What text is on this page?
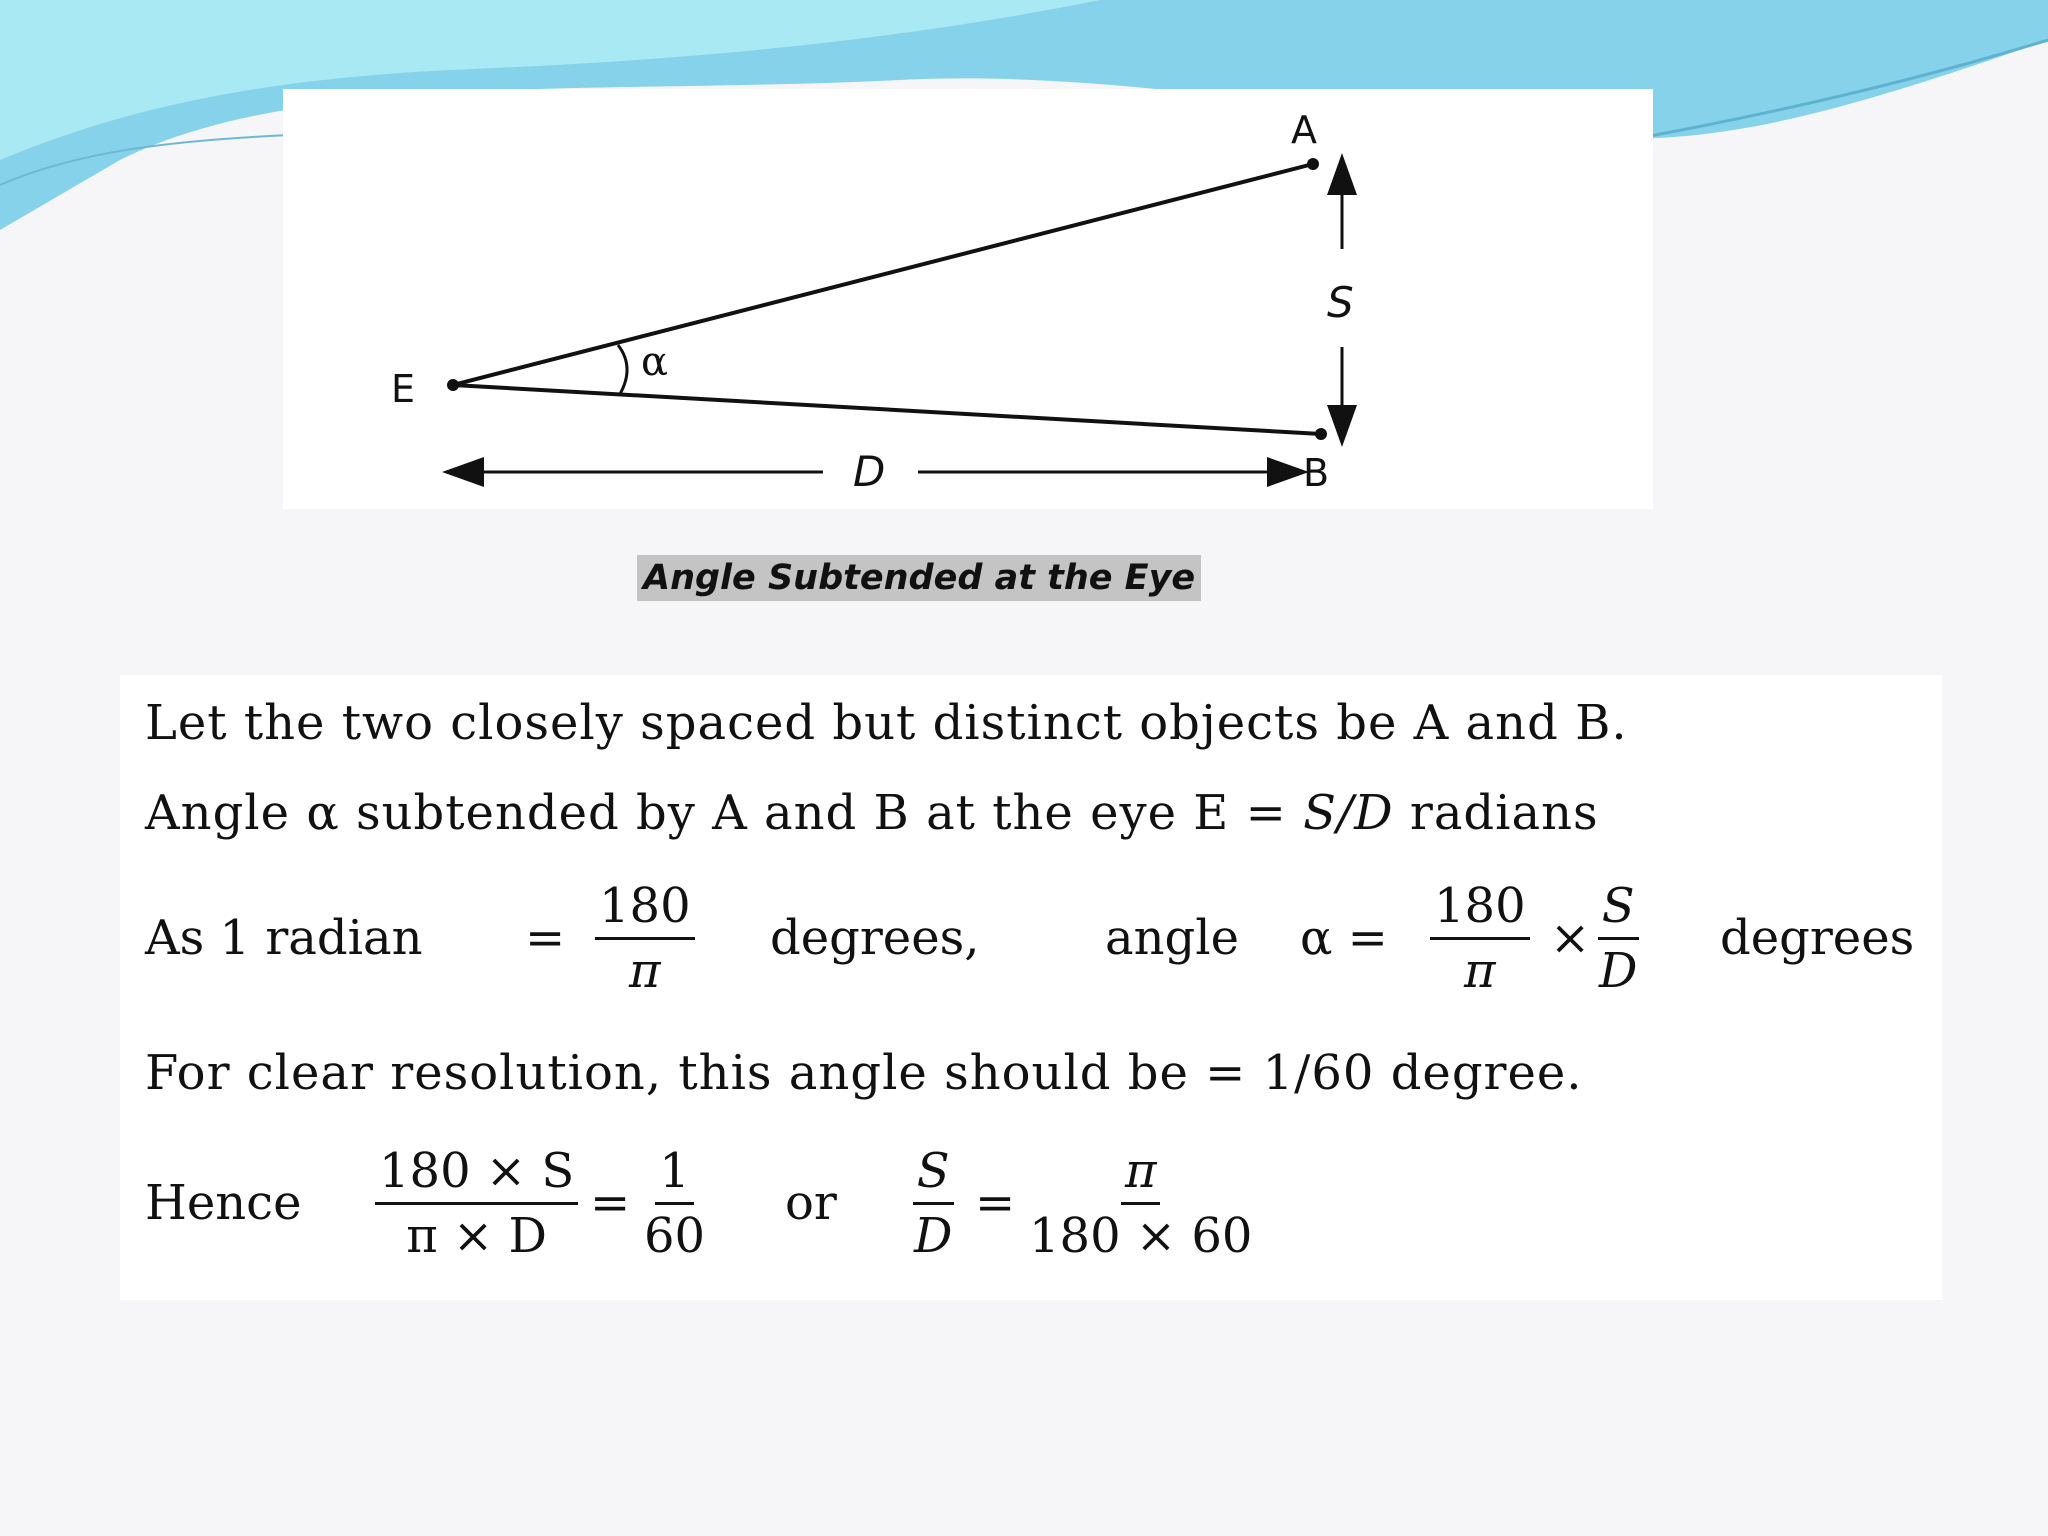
A
B
E
S
D
α
Angle Subtended at the Eye
Let the two closely spaced but distinct objects be A and B.
Angle α subtended by A and B at the eye E = S/D radians
As 1 radian = $\frac{180}{\pi}$ degrees,	angle $\alpha = \frac{180}{\pi} \times \frac{S}{D}$ degrees
For clear resolution, this angle should be = 1/60 degree.
Hence $\frac{180 \times S}{\pi \times D} = \frac{1}{60}$ or $\frac{S}{D} = \frac{\pi}{180 \times 60}$
